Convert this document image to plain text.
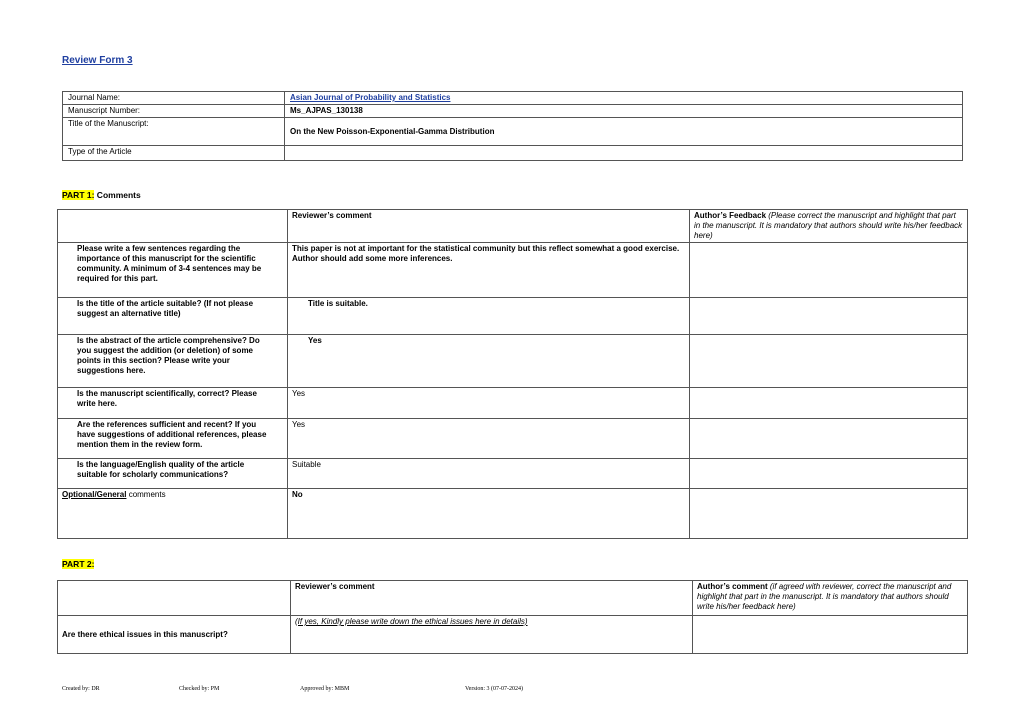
Review Form 3
Journal Name:	Asian Journal of Probability and Statistics
Manuscript Number:	Ms_AJPAS_130138
Title of the Manuscript:	On the New Poisson-Exponential-Gamma Distribution
Type of the Article	
PART 1: Comments
	Reviewer’s comment	Author’s Feedback (Please correct the manuscript and highlight that part in the manuscript. It is mandatory that authors should write his/her feedback here)
Please write a few sentences regarding the importance of this manuscript for the scientific community. A minimum of 3-4 sentences may be required for this part.	This paper is not at important for the statistical community but this reflect somewhat a good exercise. Author should add some more inferences.	
Is the title of the article suitable? (If not please suggest an alternative title)	Title is suitable.	
Is the abstract of the article comprehensive? Do you suggest the addition (or deletion) of some points in this section? Please write your suggestions here.	Yes	
Is the manuscript scientifically, correct? Please write here.	Yes	
Are the references sufficient and recent? If you have suggestions of additional references, please mention them in the review form.	Yes	
Is the language/English quality of the article suitable for scholarly communications?	Suitable	
Optional/General comments	No	
PART 2:
	Reviewer’s comment	Author’s comment (if agreed with reviewer, correct the manuscript and highlight that part in the manuscript. It is mandatory that authors should write his/her feedback here)
Are there ethical issues in this manuscript?	(If yes, Kindly please write down the ethical issues here in details)	
Created by: DR	Checked by: PM	Approved by: MBM	Version: 3 (07-07-2024)
